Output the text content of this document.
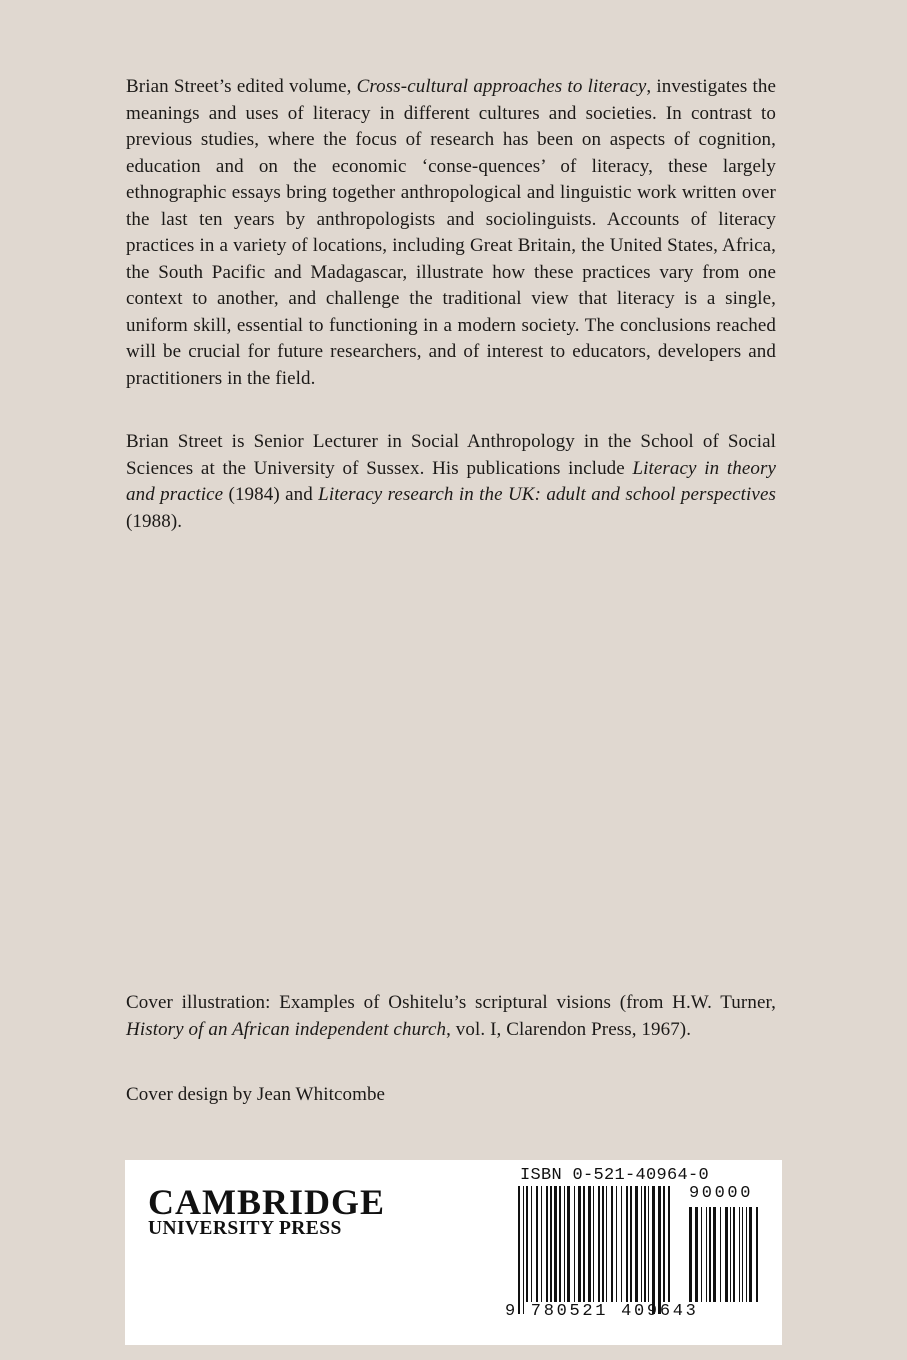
Brian Street’s edited volume, Cross-cultural approaches to literacy, investigates the meanings and uses of literacy in different cultures and societies. In contrast to previous studies, where the focus of research has been on aspects of cognition, education and on the economic ‘conse-quences’ of literacy, these largely ethnographic essays bring together anthropological and linguistic work written over the last ten years by anthropologists and sociolinguists. Accounts of literacy practices in a variety of locations, including Great Britain, the United States, Africa, the South Pacific and Madagascar, illustrate how these practices vary from one context to another, and challenge the traditional view that literacy is a single, uniform skill, essential to functioning in a modern society. The conclusions reached will be crucial for future researchers, and of interest to educators, developers and practitioners in the field.

Brian Street is Senior Lecturer in Social Anthropology in the School of Social Sciences at the University of Sussex. His publications include Literacy in theory and practice (1984) and Literacy research in the UK: adult and school perspectives (1988).

Cover illustration: Examples of Oshitelu’s scriptural visions (from H.W. Turner, History of an African independent church, vol. I, Clarendon Press, 1967).

Cover design by Jean Whitcombe

CAMBRIDGE
UNIVERSITY PRESS
ISBN 0-521-40964-0
90000
9 780521 409643
